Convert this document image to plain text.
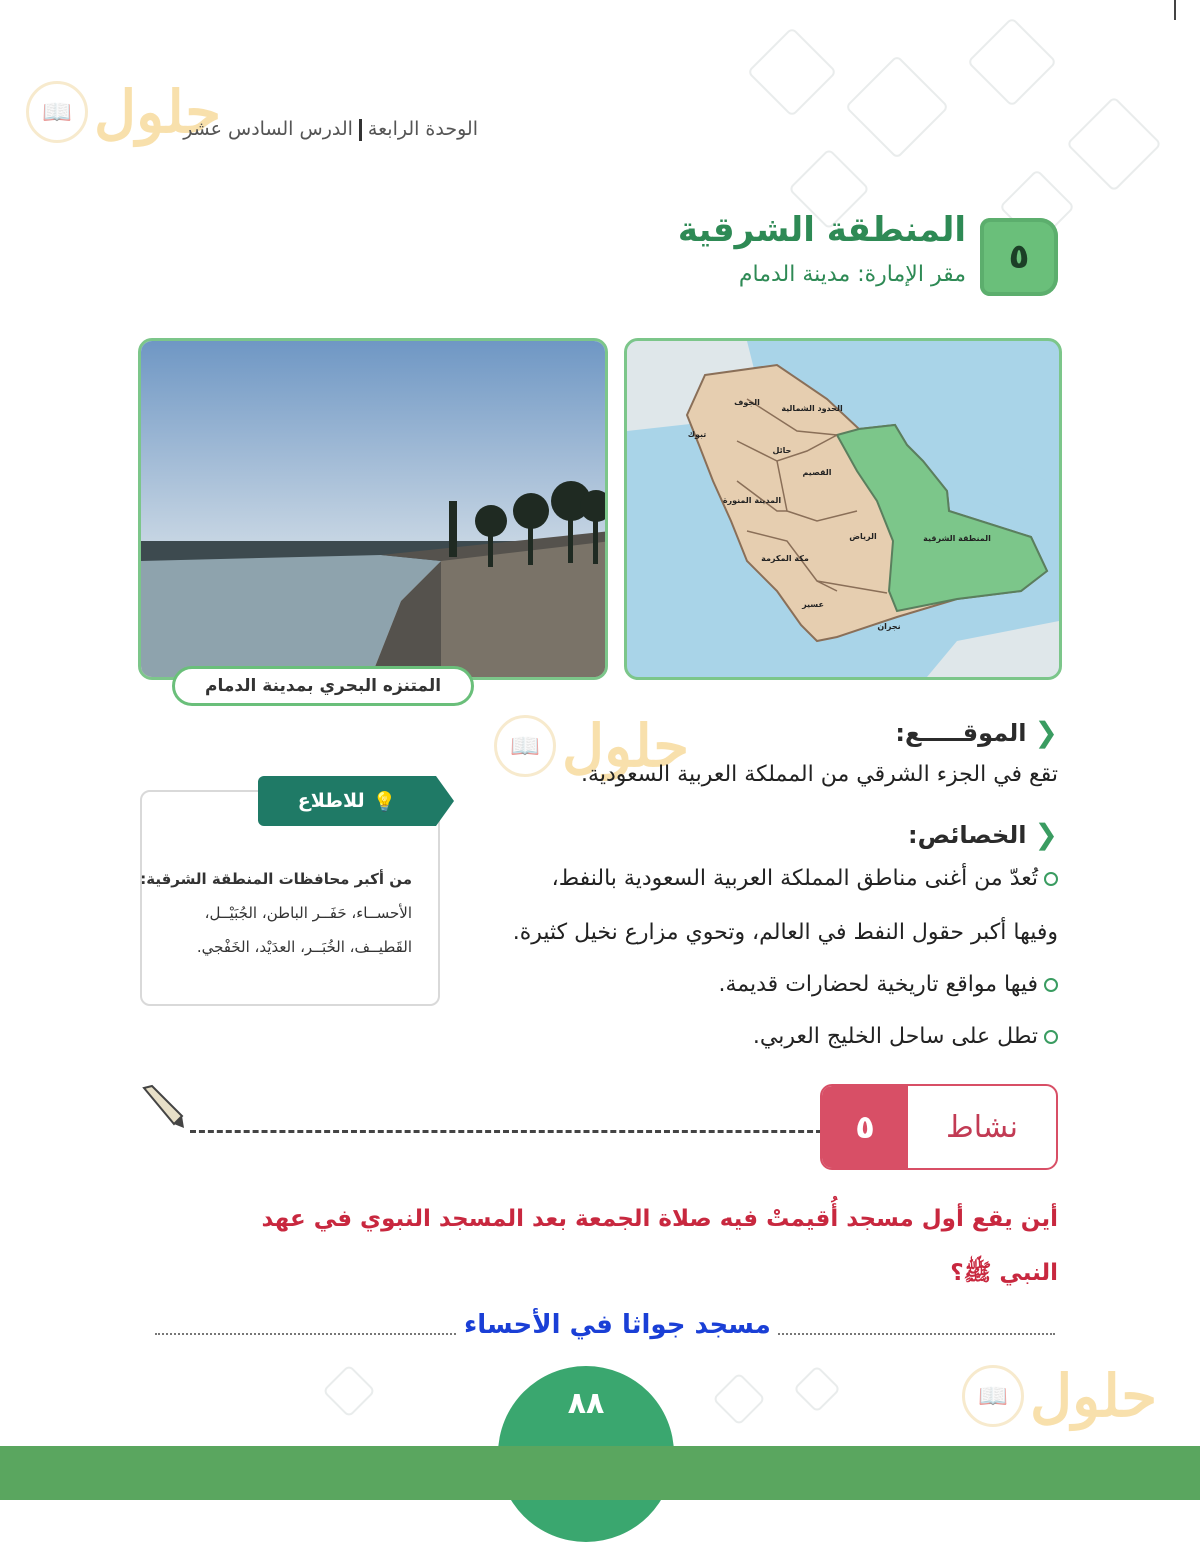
📖 حلول
📖 حلول
📖 حلول
الوحدة الرابعةالدرس السادس عشر
٥
المنطقة الشرقية
مقر الإمارة: مدينة الدمام
الجوف
الحدود الشمالية
تبوك
حائل
القصيم
المدينة المنورة
الرياض	المنطقة الشرقية
مكة المكرمة
عسير
نجران
المتنزه البحري بمدينة الدمام
❮
الموقـــــع:
تقع في الجزء الشرقي من المملكة العربية السعودية.
❮
الخصائص:
تُعدّ من أغنى مناطق المملكة العربية السعودية بالنفط،
وفيها أكبر حقول النفط في العالم، وتحوي مزارع نخيل كثيرة.
فيها مواقع تاريخية لحضارات قديمة.
تطل على ساحل الخليج العربي.
💡
للاطلاع
من أكبر محافظات المنطقة الشرقية:
الأحســاء، حَفَــر الباطن، الجُبَيْــل،
القَطيــف، الخُبَــر، العدَيْد، الخَفْجي.
نشاط
٥
أين يقع أول مسجد أُقيمتْ فيه صلاة الجمعة بعد المسجد النبوي في عهد
النبي ﷺ؟
مسجد جواثا في الأحساء
٨٨
